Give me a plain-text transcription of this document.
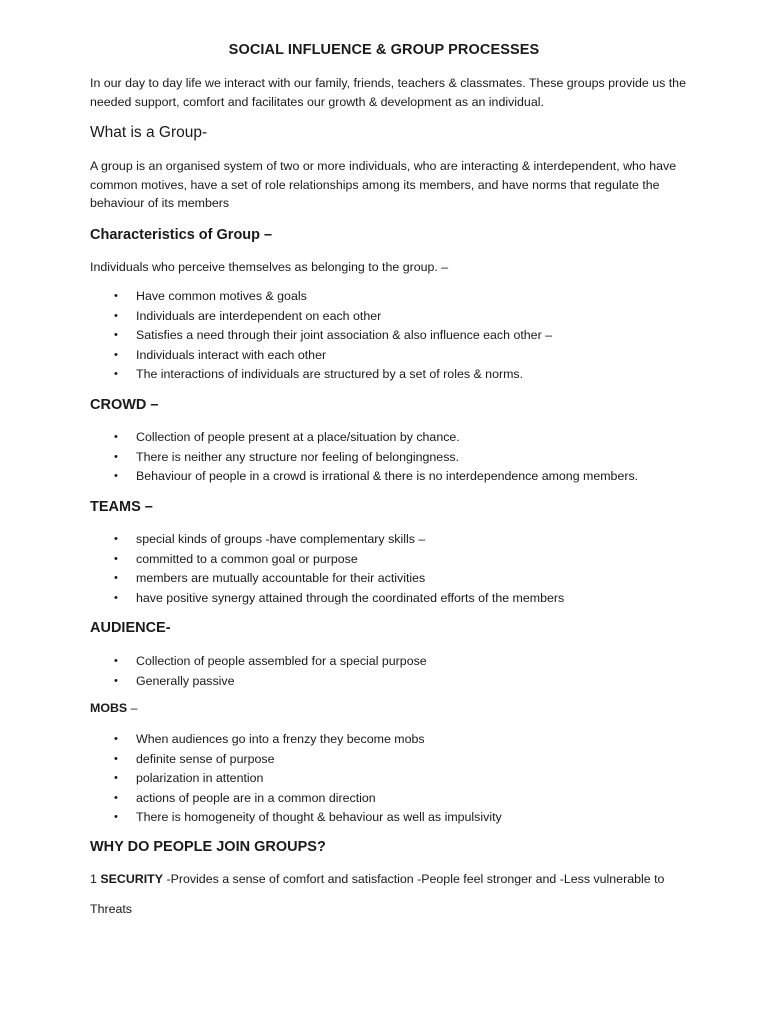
SOCIAL INFLUENCE & GROUP PROCESSES

In our day to day life we interact with our family, friends, teachers & classmates. These groups provide us the needed support, comfort and facilitates our growth & development as an individual.

What is a Group-

A group is an organised system of two or more individuals, who are interacting & interdependent, who have common motives, have a set of role relationships among its members, and have norms that regulate the behaviour of its members

Characteristics of Group –

Individuals who perceive themselves as belonging to the group. –

• Have common motives & goals
• Individuals are interdependent on each other
• Satisfies a need through their joint association & also influence each other –
• Individuals interact with each other
• The interactions of individuals are structured by a set of roles & norms.
CROWD –
• Collection of people present at a place/situation by chance.
• There is neither any structure nor feeling of belongingness.
• Behaviour of people in a crowd is irrational & there is no interdependence among members.
TEAMS –
• special kinds of groups -have complementary skills –
• committed to a common goal or purpose
• members are mutually accountable for their activities
• have positive synergy attained through the coordinated efforts of the members
AUDIENCE-
• Collection of people assembled for a special purpose
• Generally passive
MOBS –
• When audiences go into a frenzy they become mobs
• definite sense of purpose
• polarization in attention
• actions of people are in a common direction
• There is homogeneity of thought & behaviour as well as impulsivity
WHY DO PEOPLE JOIN GROUPS?

1 SECURITY -Provides a sense of comfort and satisfaction -People feel stronger and -Less vulnerable to

Threats
